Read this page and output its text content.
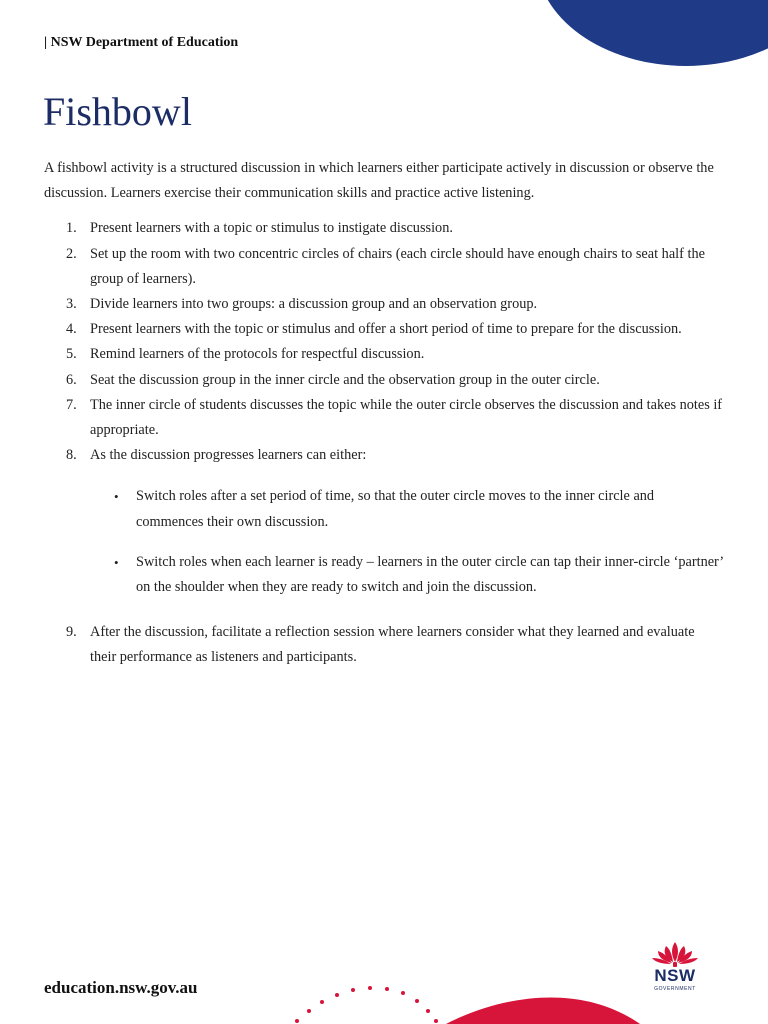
| NSW Department of Education
Fishbowl

A fishbowl activity is a structured discussion in which learners either participate actively in discussion or observe the discussion. Learners exercise their communication skills and practice active listening.

1. Present learners with a topic or stimulus to instigate discussion.
2. Set up the room with two concentric circles of chairs (each circle should have enough chairs to seat half the group of learners).
3. Divide learners into two groups: a discussion group and an observation group.
4. Present learners with the topic or stimulus and offer a short period of time to prepare for the discussion.
5. Remind learners of the protocols for respectful discussion.
6. Seat the discussion group in the inner circle and the observation group in the outer circle.
7. The inner circle of students discusses the topic while the outer circle observes the discussion and takes notes if appropriate.
8. As the discussion progresses learners can either:
• Switch roles after a set period of time, so that the outer circle moves to the inner circle and commences their own discussion.
• Switch roles when each learner is ready – learners in the outer circle can tap their inner-circle ‘partner’ on the shoulder when they are ready to switch and join the discussion.
9. After the discussion, facilitate a reflection session where learners consider what they learned and evaluate their performance as listeners and participants.
education.nsw.gov.au
NSW
GOVERNMENT
